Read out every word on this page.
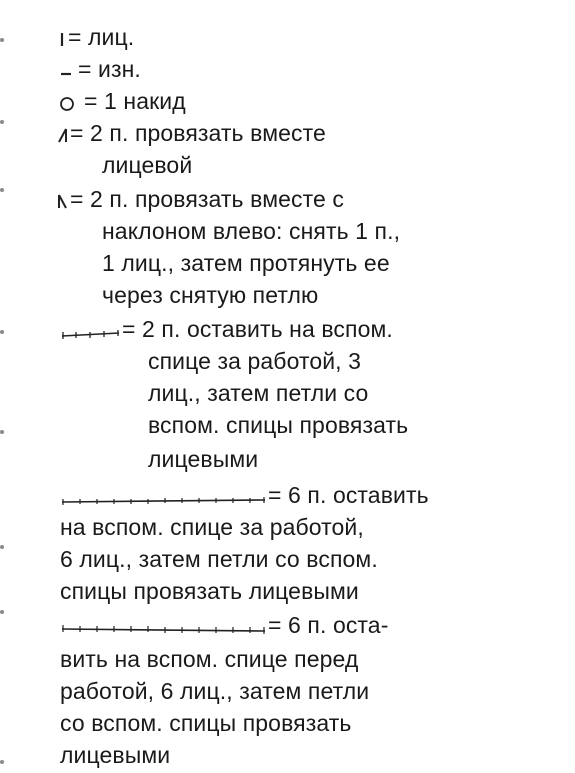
= лиц.
= изн.
= 1 накид
= 2 п. провязать вместе
лицевой
= 2 п. провязать вместе с
наклоном влево: снять 1 п.,
1 лиц., затем протянуть ее
через снятую петлю
= 2 п. оставить на вспом.
спице за работой, 3
лиц., затем петли со
вспом. спицы провязать
лицевыми
= 6 п. оставить
на вспом. спице за работой,
6 лиц., затем петли со вспом.
спицы провязать лицевыми
= 6 п. оста-
вить на вспом. спице перед
работой, 6 лиц., затем петли
со вспом. спицы провязать
лицевыми
